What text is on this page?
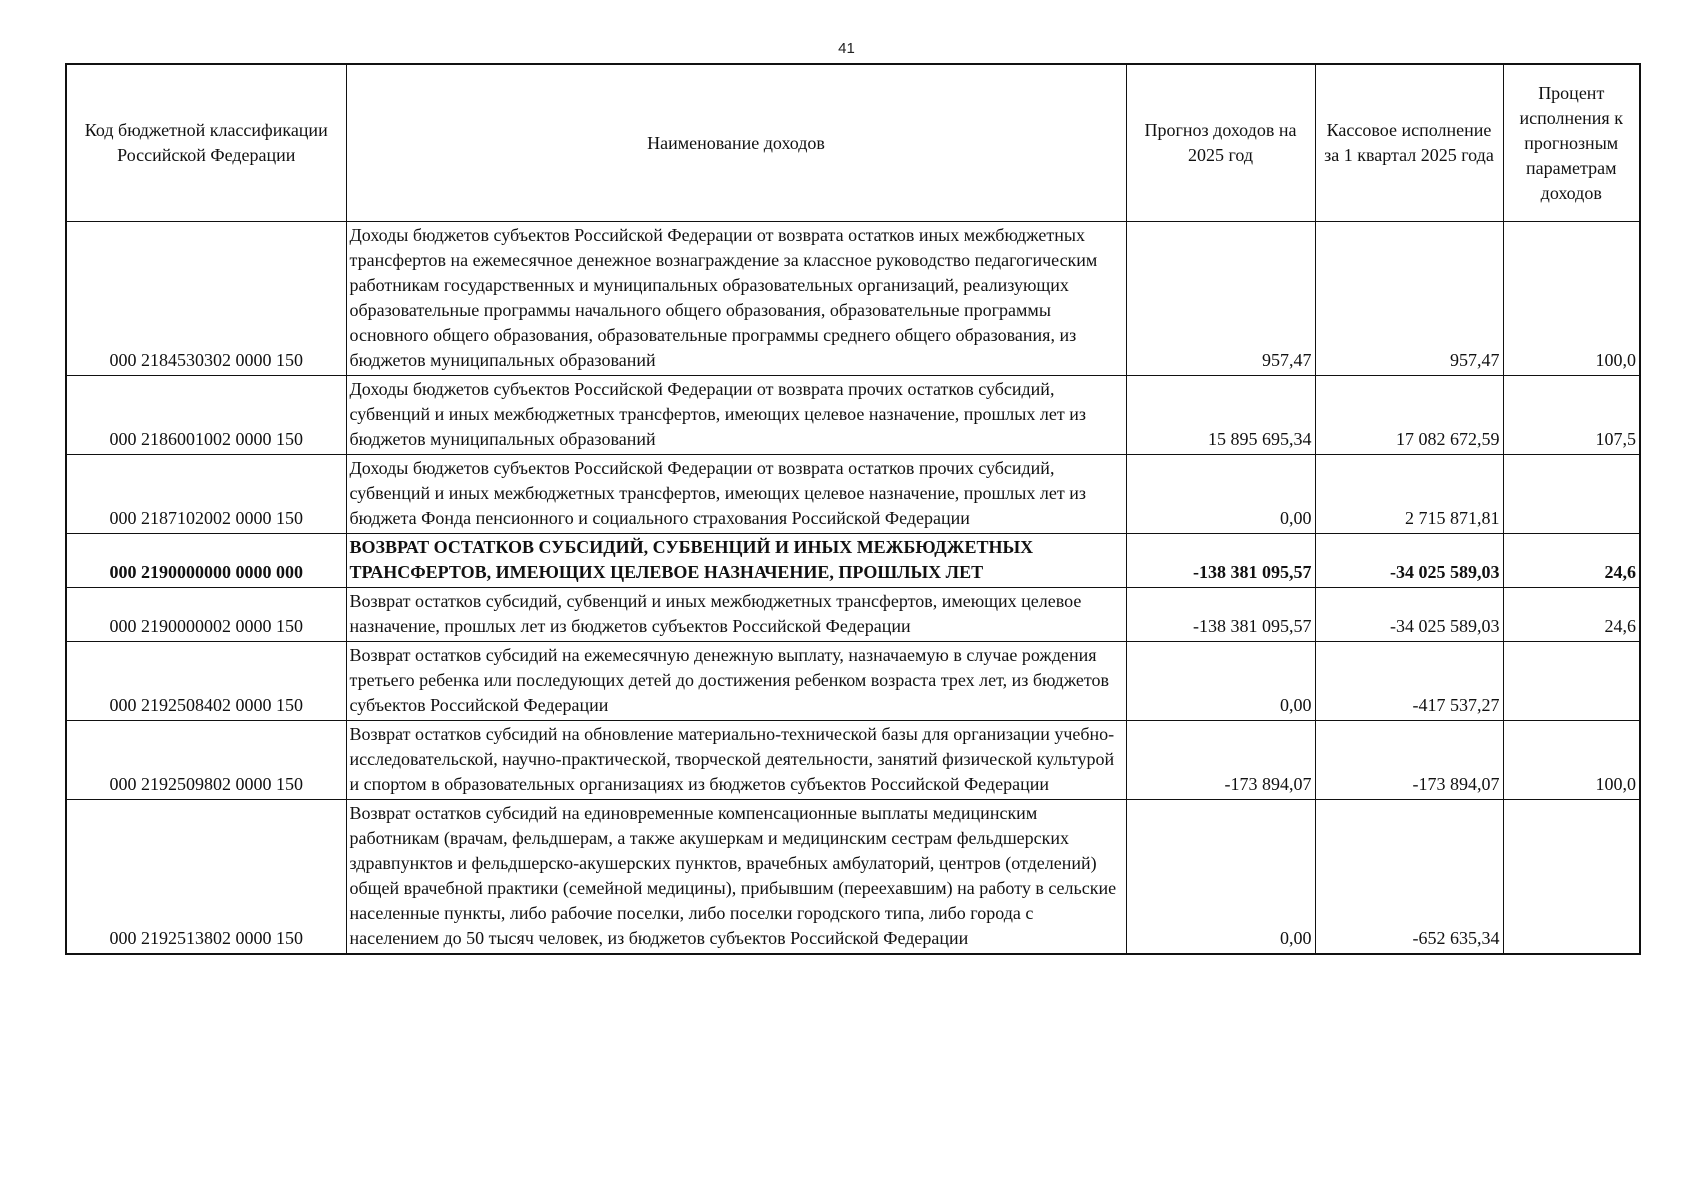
41
Код бюджетной классификации Российской Федерации	Наименование доходов	Прогноз доходов на 2025 год	Кассовое исполнение за 1 квартал 2025 года	Процент исполнения к прогнозным параметрам доходов
000 2184530302 0000 150	Доходы бюджетов субъектов Российской Федерации от возврата остатков иных межбюджетных трансфертов на ежемесячное денежное вознаграждение за классное руководство педагогическим работникам государственных и муниципальных образовательных организаций, реализующих образовательные программы начального общего образования, образовательные программы основного общего образования, образовательные программы среднего общего образования, из бюджетов муниципальных образований	957,47	957,47	100,0
000 2186001002 0000 150	Доходы бюджетов субъектов Российской Федерации от возврата прочих остатков субсидий, субвенций и иных межбюджетных трансфертов, имеющих целевое назначение, прошлых лет из бюджетов муниципальных образований	15 895 695,34	17 082 672,59	107,5
000 2187102002 0000 150	Доходы бюджетов субъектов Российской Федерации от возврата остатков прочих субсидий, субвенций и иных межбюджетных трансфертов, имеющих целевое назначение, прошлых лет из бюджета Фонда пенсионного и социального страхования Российской Федерации	0,00	2 715 871,81	
000 2190000000 0000 000	ВОЗВРАТ ОСТАТКОВ СУБСИДИЙ, СУБВЕНЦИЙ И ИНЫХ МЕЖБЮДЖЕТНЫХ ТРАНСФЕРТОВ, ИМЕЮЩИХ ЦЕЛЕВОЕ НАЗНАЧЕНИЕ, ПРОШЛЫХ ЛЕТ	-138 381 095,57	-34 025 589,03	24,6
000 2190000002 0000 150	Возврат остатков субсидий, субвенций и иных межбюджетных трансфертов, имеющих целевое назначение, прошлых лет из бюджетов субъектов Российской Федерации	-138 381 095,57	-34 025 589,03	24,6
000 2192508402 0000 150	Возврат остатков субсидий на ежемесячную денежную выплату, назначаемую в случае рождения третьего ребенка или последующих детей до достижения ребенком возраста трех лет, из бюджетов субъектов Российской Федерации	0,00	-417 537,27	
000 2192509802 0000 150	Возврат остатков субсидий на обновление материально-технической базы для организации учебно-исследовательской, научно-практической, творческой деятельности, занятий физической культурой и спортом в образовательных организациях из бюджетов субъектов Российской Федерации	-173 894,07	-173 894,07	100,0
000 2192513802 0000 150	Возврат остатков субсидий на единовременные компенсационные выплаты медицинским работникам (врачам, фельдшерам, а также акушеркам и медицинским сестрам фельдшерских здравпунктов и фельдшерско-акушерских пунктов, врачебных амбулаторий, центров (отделений) общей врачебной практики (семейной медицины), прибывшим (переехавшим) на работу в сельские населенные пункты, либо рабочие поселки, либо поселки городского типа, либо города с населением до 50 тысяч человек, из бюджетов субъектов Российской Федерации	0,00	-652 635,34	
